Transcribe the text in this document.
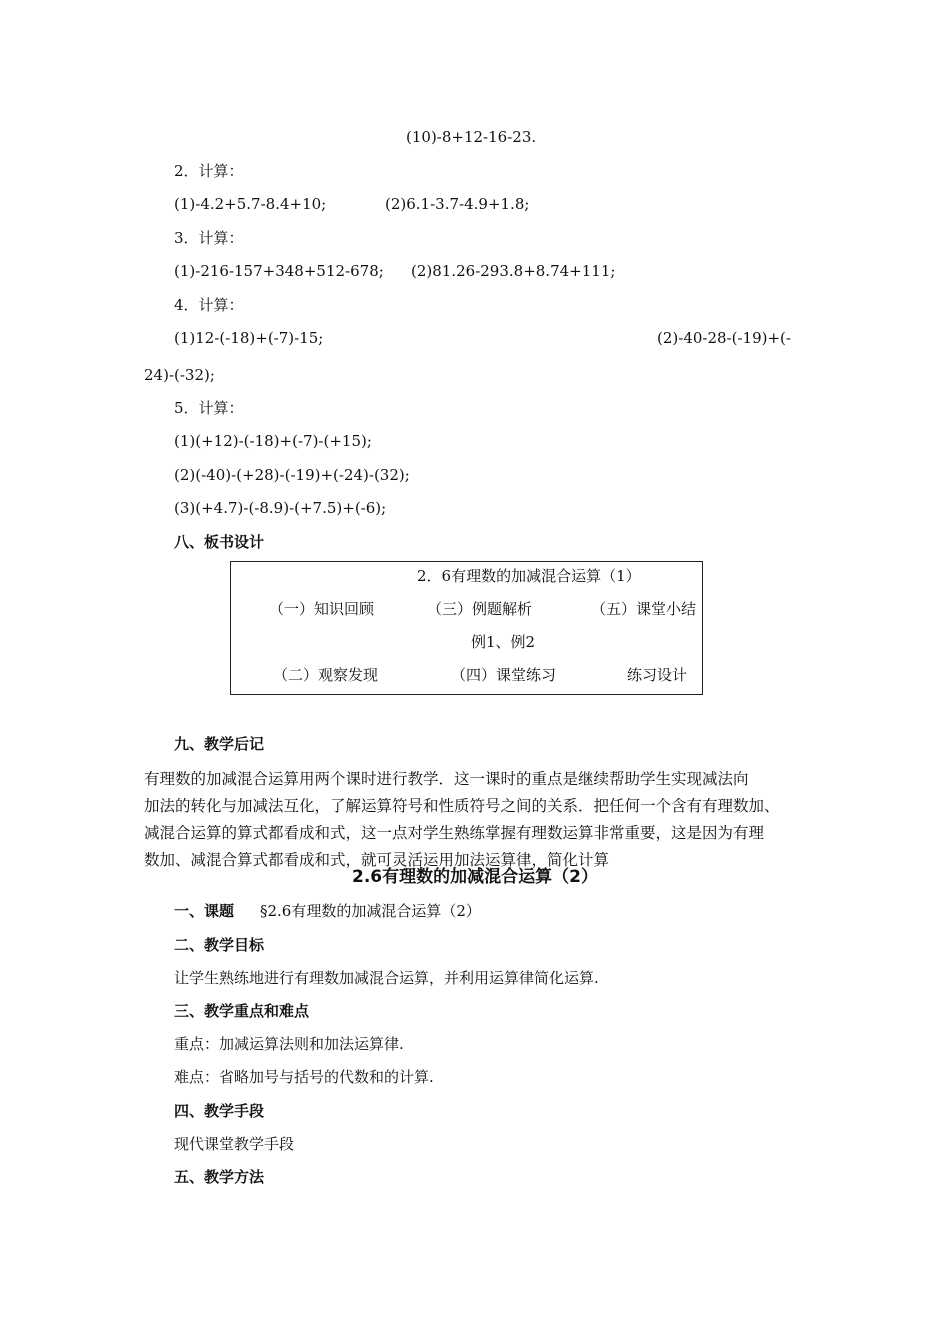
(10)-8+12-16-23.
2．计算：
(1)-4.2+5.7-8.4+10;	(2)6.1-3.7-4.9+1.8;
3．计算：
(1)-216-157+348+512-678; (2)81.26-293.8+8.74+111;
4．计算：
(1)12-(-18)+(-7)-15;	(2)-40-28-(-19)+(-
24)-(-32);
5．计算：
(1)(+12)-(-18)+(-7)-(+15);
(2)(-40)-(+28)-(-19)+(-24)-(32);
(3)(+4.7)-(-8.9)-(+7.5)+(-6);
八、板书设计
2．6有理数的加减混合运算（1）
（一）知识回顾	（三）例题解析	（五）课堂小结
例1、例2
（二）观察发现	（四）课堂练习	练习设计
九、教学后记
有理数的加减混合运算用两个课时进行教学．这一课时的重点是继续帮助学生实现减法向
加法的转化与加减法互化，了解运算符号和性质符号之间的关系．把任何一个含有有理数加、
减混合运算的算式都看成和式，这一点对学生熟练掌握有理数运算非常重要，这是因为有理
数加、减混合算式都看成和式，就可灵活运用加法运算律，简化计算
2.6有理数的加减混合运算（2）
一、课题 §2.6有理数的加减混合运算（2）
二、教学目标
让学生熟练地进行有理数加减混合运算，并利用运算律简化运算.
三、教学重点和难点
重点：加减运算法则和加法运算律.
难点：省略加号与括号的代数和的计算.
四、教学手段
现代课堂教学手段
五、教学方法
